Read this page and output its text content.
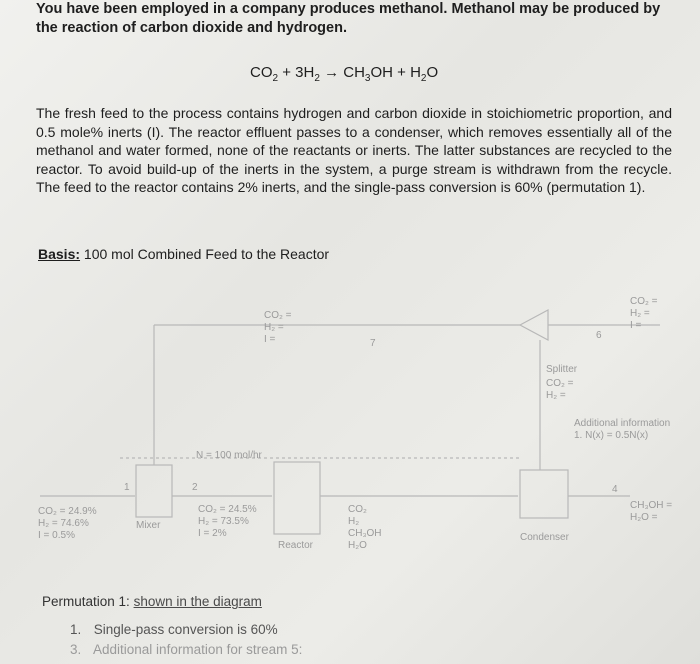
You have been employed in a company produces methanol. Methanol may be produced by the reaction of carbon dioxide and hydrogen.
$CO_2 + 3H_2 \to CH_3OH + H_2O$
The fresh feed to the process contains hydrogen and carbon dioxide in stoichiometric proportion, and 0.5 mole% inerts (I). The reactor effluent passes to a condenser, which removes essentially all of the methanol and water formed, none of the reactants or inerts. The latter substances are recycled to the reactor. To avoid build-up of the inerts in the system, a purge stream is withdrawn from the recycle. The feed to the reactor contains 2% inerts, and the single-pass conversion is 60% (permutation 1).
Basis: 100 mol Combined Feed to the Reactor
CO₂ = 24.9%
H₂ = 74.6%
I = 0.5%
Mixer
CO₂ = 24.5%
H₂ = 73.5%
I = 2%
N = 100 mol/hr
Reactor
CO₂
H₂
CH₃OH
H₂O
CO₂ =
H₂ =
I =	7
6
4
2
1
Splitter
CO₂ =
H₂ =
CO₂ =
H₂ =
I =
Additional information
1. N(x) = 0.5N(x)
Condenser
CH₃OH =
H₂O =
Permutation 1: shown in the diagram
1. Single-pass conversion is 60%
3. Additional information for stream 5:
